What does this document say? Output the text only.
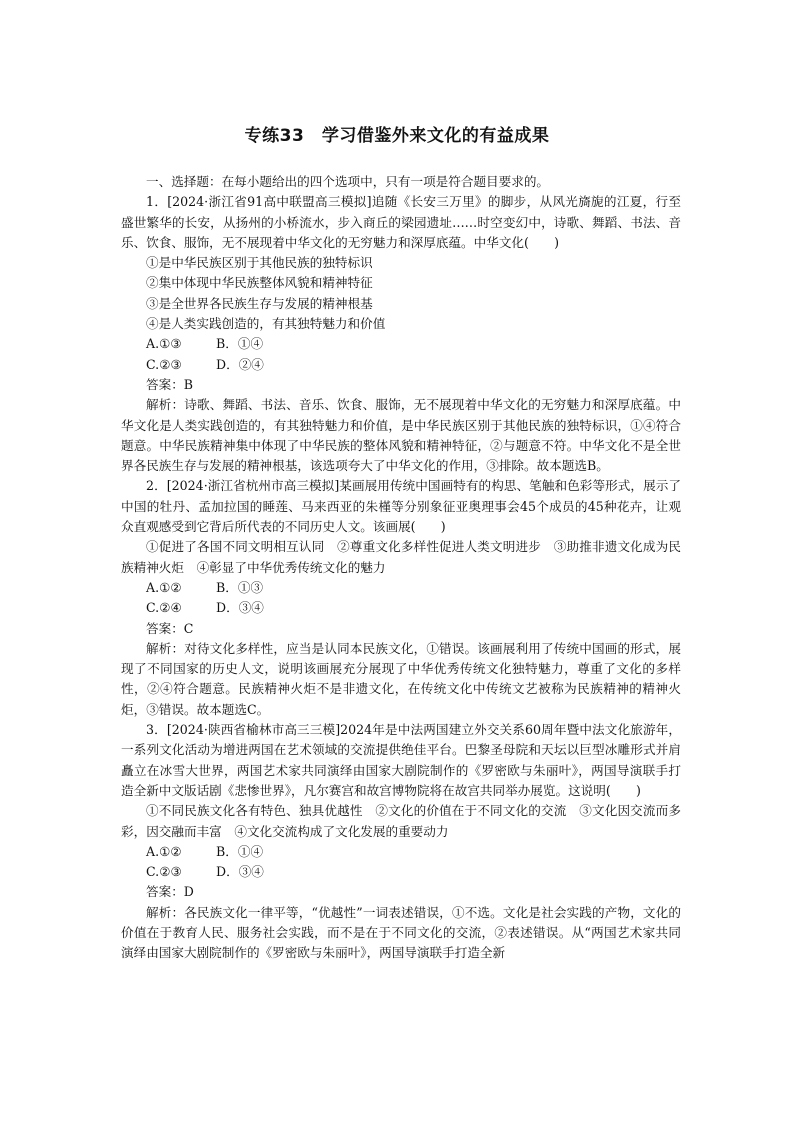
专练33　学习借鉴外来文化的有益成果

一、选择题：在每小题给出的四个选项中，只有一项是符合题目要求的。

1．[2024·浙江省91高中联盟高三模拟]追随《长安三万里》的脚步，从风光旖旎的江夏，行至盛世繁华的长安，从扬州的小桥流水，步入商丘的梁园遗址……时空变幻中，诗歌、舞蹈、书法、音乐、饮食、服饰，无不展现着中华文化的无穷魅力和深厚底蕴。中华文化(　　)

①是中华民族区别于其他民族的独特标识

②集中体现中华民族整体风貌和精神特征

③是全世界各民族生存与发展的精神根基

④是人类实践创造的，有其独特魅力和价值

A.①③	B．①④

C.②③	D．②④

答案：B

解析：诗歌、舞蹈、书法、音乐、饮食、服饰，无不展现着中华文化的无穷魅力和深厚底蕴。中华文化是人类实践创造的，有其独特魅力和价值，是中华民族区别于其他民族的独特标识，①④符合题意。中华民族精神集中体现了中华民族的整体风貌和精神特征，②与题意不符。中华文化不是全世界各民族生存与发展的精神根基，该选项夸大了中华文化的作用，③排除。故本题选B。

2．[2024·浙江省杭州市高三模拟]某画展用传统中国画特有的构思、笔触和色彩等形式，展示了中国的牡丹、孟加拉国的睡莲、马来西亚的朱槿等分别象征亚奥理事会45个成员的45种花卉，让观众直观感受到它背后所代表的不同历史人文。该画展(　　)

①促进了各国不同文明相互认同　②尊重文化多样性促进人类文明进步　③助推非遗文化成为民族精神火炬　④彰显了中华优秀传统文化的魅力

A.①②	B．①③

C.②④	D．③④

答案：C

解析：对待文化多样性，应当是认同本民族文化，①错误。该画展利用了传统中国画的形式，展现了不同国家的历史人文，说明该画展充分展现了中华优秀传统文化独特魅力，尊重了文化的多样性，②④符合题意。民族精神火炬不是非遗文化，在传统文化中传统文艺被称为民族精神的精神火炬，③错误。故本题选C。

3．[2024·陕西省榆林市高三三模]2024年是中法两国建立外交关系60周年暨中法文化旅游年，一系列文化活动为增进两国在艺术领域的交流提供绝佳平台。巴黎圣母院和天坛以巨型冰雕形式并肩矗立在冰雪大世界，两国艺术家共同演绎由国家大剧院制作的《罗密欧与朱丽叶》，两国导演联手打造全新中文版话剧《悲惨世界》，凡尔赛宫和故宫博物院将在故宫共同举办展览。这说明(　　)

①不同民族文化各有特色、独具优越性　②文化的价值在于不同文化的交流　③文化因交流而多彩，因交融而丰富　④文化交流构成了文化发展的重要动力

A.①②	B．①④

C.②③	D．③④

答案：D

解析：各民族文化一律平等，“优越性”一词表述错误，①不选。文化是社会实践的产物，文化的价值在于教育人民、服务社会实践，而不是在于不同文化的交流，②表述错误。从“两国艺术家共同演绎由国家大剧院制作的《罗密欧与朱丽叶》，两国导演联手打造全新
